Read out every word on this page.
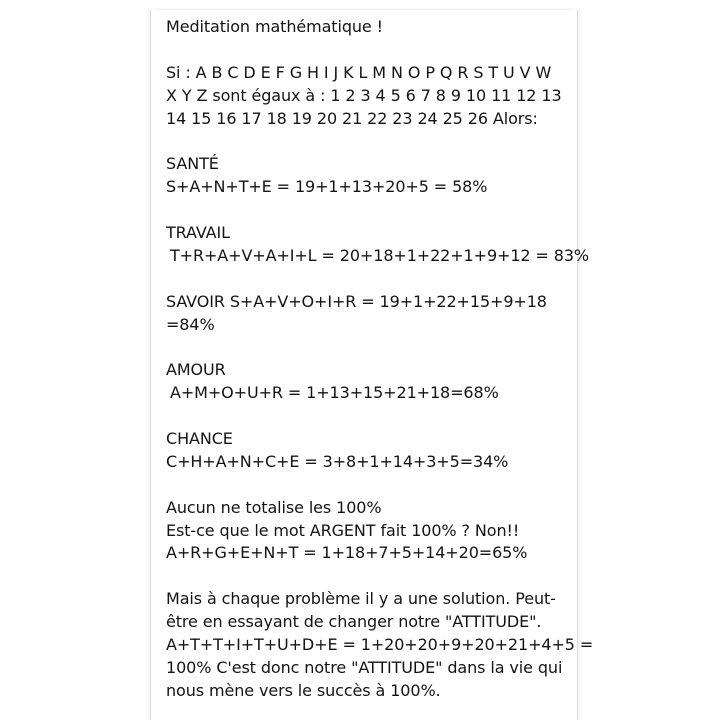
Meditation mathématique !
Si : A B C D E F G H I J K L M N O P Q R S T U V W
X Y Z sont égaux à : 1 2 3 4 5 6 7 8 9 10 11 12 13
14 15 16 17 18 19 20 21 22 23 24 25 26 Alors:
SANTÉ
S+A+N+T+E = 19+1+13+20+5 = 58%
TRAVAIL
T+R+A+V+A+I+L = 20+18+1+22+1+9+12 = 83%
SAVOIR S+A+V+O+I+R = 19+1+22+15+9+18
=84%
AMOUR
A+M+O+U+R = 1+13+15+21+18=68%
CHANCE
C+H+A+N+C+E = 3+8+1+14+3+5=34%
Aucun ne totalise les 100%
Est-ce que le mot ARGENT fait 100% ? Non!!
A+R+G+E+N+T = 1+18+7+5+14+20=65%
Mais à chaque problème il y a une solution. Peut-
être en essayant de changer notre "ATTITUDE".
A+T+T+I+T+U+D+E = 1+20+20+9+20+21+4+5 =
100% C'est donc notre "ATTITUDE" dans la vie qui
nous mène vers le succès à 100%.
